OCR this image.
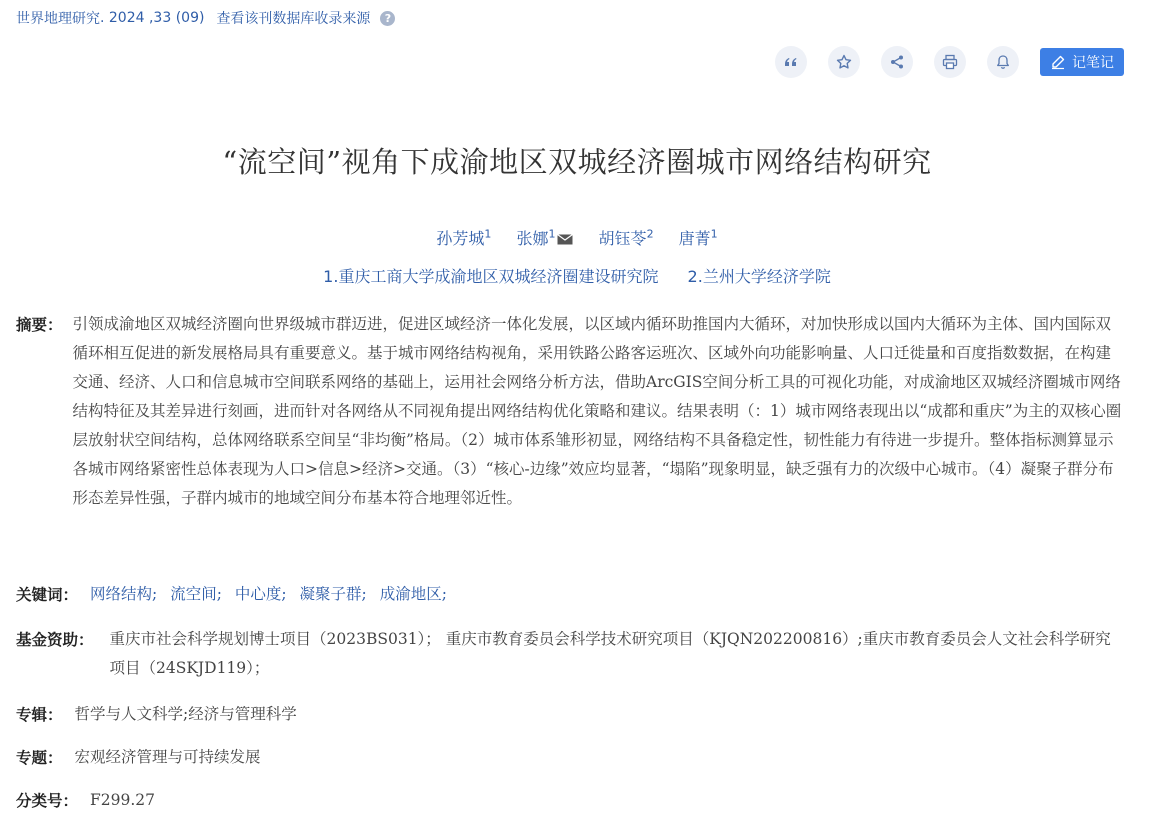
世界地理研究 . 2024 ,33 (09) 查看该刊数据库收录来源	?
记笔记
“流空间”视角下成渝地区双城经济圈城市网络结构研究
孙芳城$^1$ 张娜$^1$	胡钰苓$^2$ 唐菁$^1$
1.重庆工商大学成渝地区双城经济圈建设研究院 2.兰州大学经济学院
摘要： 引领成渝地区双城经济圈向世界级城市群迈进，促进区域经济一体化发展，以区域内循环助推国内大循环，对加快形成以国内大循环为主体、国内国际双循环相互促进的新发展格局具有重要意义。基于城市网络结构视角，采用铁路公路客运班次、区域外向功能影响量、人口迁徙量和百度指数数据，在构建交通、经济、人口和信息城市空间联系网络的基础上，运用社会网络分析方法，借助ArcGIS空间分析工具的可视化功能，对成渝地区双城经济圈城市网络结构特征及其差异进行刻画，进而针对各网络从不同视角提出网络结构优化策略和建议。结果表明（：1）城市网络表现出以“成都和重庆”为主的双核心圈层放射状空间结构，总体网络联系空间呈“非均衡”格局。（2）城市体系雏形初显，网络结构不具备稳定性，韧性能力有待进一步提升。整体指标测算显示各城市网络紧密性总体表现为人口>信息>经济>交通。（3）“核心-边缘”效应均显著，“塌陷”现象明显，缺乏强有力的次级中心城市。（4）凝聚子群分布形态差异性强，子群内城市的地域空间分布基本符合地理邻近性。
关键词： 网络结构; 流空间; 中心度; 凝聚子群; 成渝地区;
基金资助： 重庆市社会科学规划博士项目（2023BS031）； 重庆市教育委员会科学技术研究项目（KJQN202200816）;重庆市教育委员会人文社会科学研究项目（24SKJD119）；
专辑： 哲学与人文科学;经济与管理科学
专题： 宏观经济管理与可持续发展
分类号： F299.27
